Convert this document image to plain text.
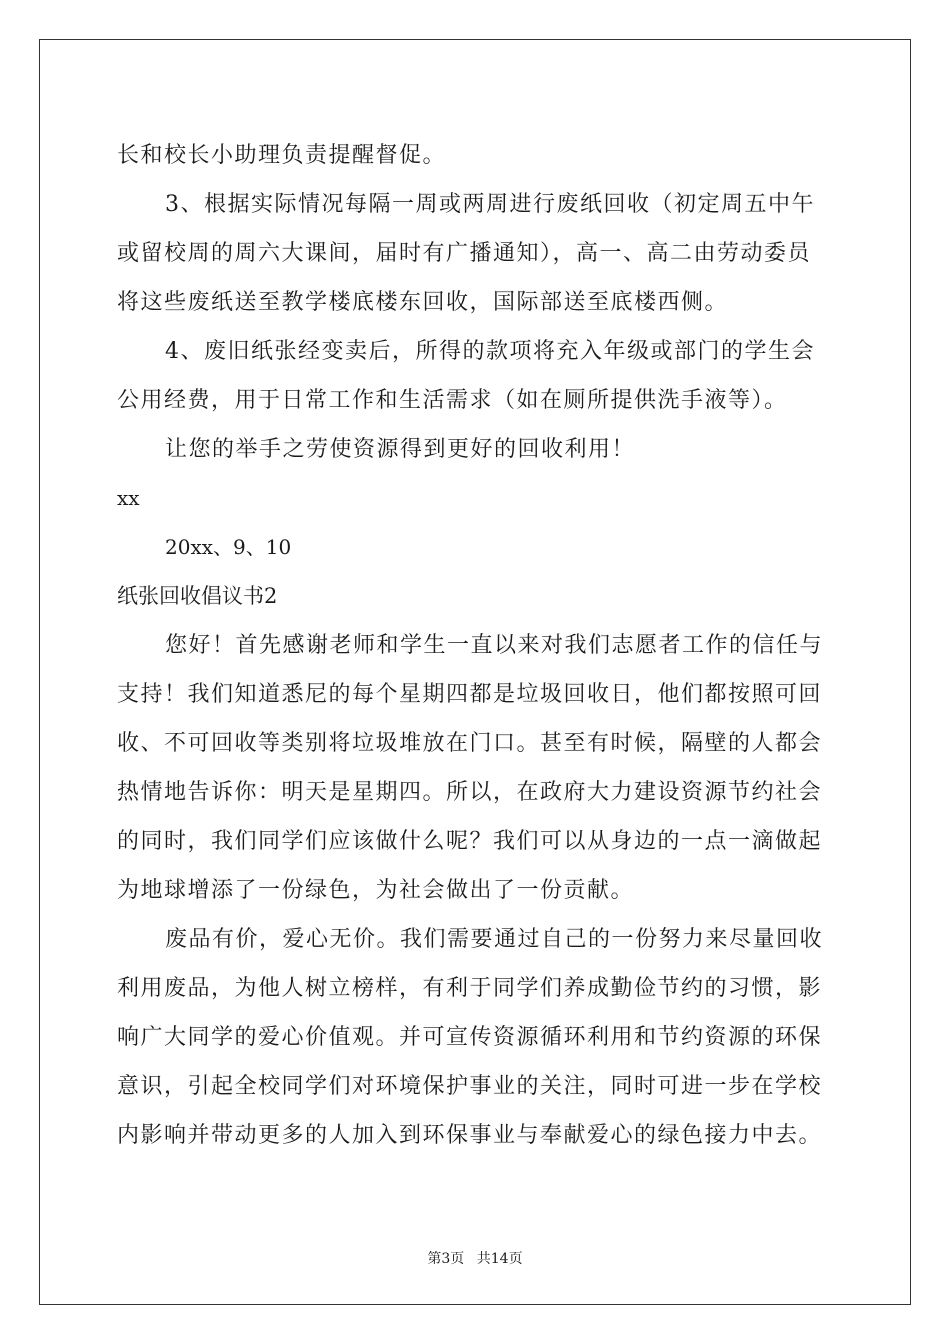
长和校长小助理负责提醒督促。
3、根据实际情况每隔一周或两周进行废纸回收（初定周五中午
或留校周的周六大课间，届时有广播通知），高一、高二由劳动委员
将这些废纸送至教学楼底楼东回收，国际部送至底楼西侧。
4、废旧纸张经变卖后，所得的款项将充入年级或部门的学生会
公用经费，用于日常工作和生活需求（如在厕所提供洗手液等）。
让您的举手之劳使资源得到更好的回收利用！
xx
20xx、9、10
纸张回收倡议书2
您好！首先感谢老师和学生一直以来对我们志愿者工作的信任与
支持！我们知道悉尼的每个星期四都是垃圾回收日，他们都按照可回
收、不可回收等类别将垃圾堆放在门口。甚至有时候，隔壁的人都会
热情地告诉你：明天是星期四。所以，在政府大力建设资源节约社会
的同时，我们同学们应该做什么呢？我们可以从身边的一点一滴做起
为地球增添了一份绿色，为社会做出了一份贡献。
废品有价，爱心无价。我们需要通过自己的一份努力来尽量回收
利用废品，为他人树立榜样，有利于同学们养成勤俭节约的习惯，影
响广大同学的爱心价值观。并可宣传资源循环利用和节约资源的环保
意识，引起全校同学们对环境保护事业的关注，同时可进一步在学校
内影响并带动更多的人加入到环保事业与奉献爱心的绿色接力中去。
第3页 共14页
